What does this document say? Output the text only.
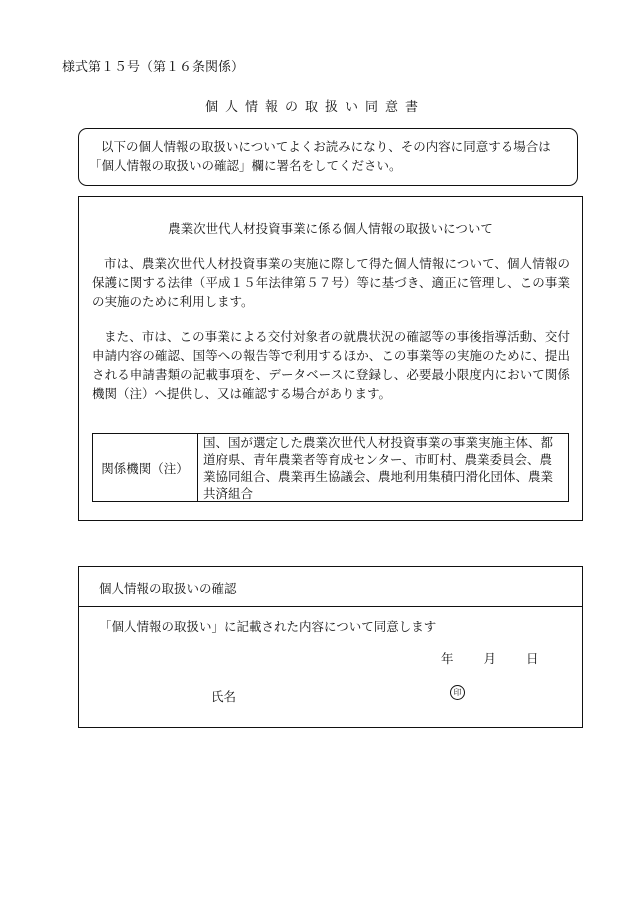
様式第１５号（第１６条関係）
個人情報の取扱い同意書
以下の個人情報の取扱いについてよくお読みになり、その内容に同意する場合は「個人情報の取扱いの確認」欄に署名をしてください。
農業次世代人材投資事業に係る個人情報の取扱いについて
市は、農業次世代人材投資事業の実施に際して得た個人情報について、個人情報の保護に関する法律（平成１５年法律第５７号）等に基づき、適正に管理し、この事業の実施のために利用します。
また、市は、この事業による交付対象者の就農状況の確認等の事後指導活動、交付申請内容の確認、国等への報告等で利用するほか、この事業等の実施のために、提出される申請書類の記載事項を、データベースに登録し、必要最小限度内において関係機関（注）へ提供し、又は確認する場合があります。
関係機関（注）
国、国が選定した農業次世代人材投資事業の事業実施主体、都道府県、青年農業者等育成センター、市町村、農業委員会、農業協同組合、農業再生協議会、農地利用集積円滑化団体、農業共済組合
個人情報の取扱いの確認
「個人情報の取扱い」に記載された内容について同意します
年 月 日
氏名	印
